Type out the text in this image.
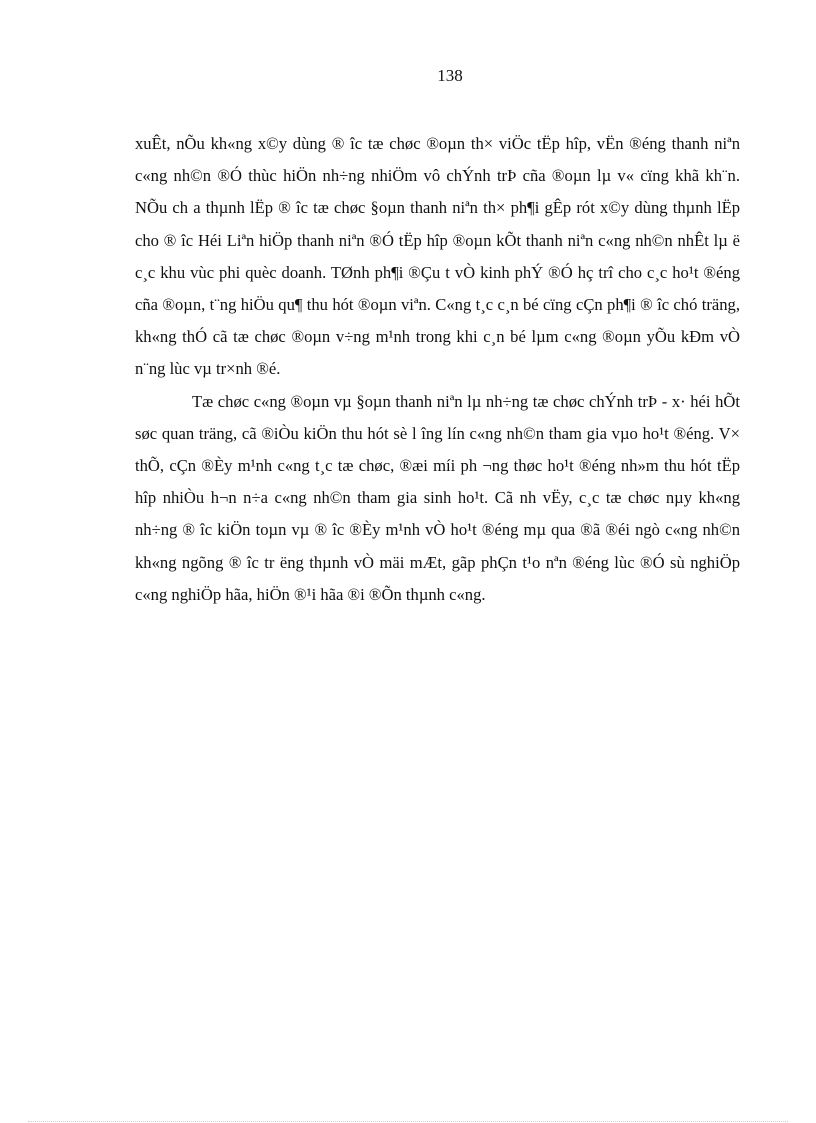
138

xuÊt, nÕu kh«ng x©y dùng ® îc tæ chøc ®oµn th× viÖc tËp hîp, vËn ®éng thanh niªn c«ng nh©n ®Ó thùc hiÖn nh÷ng nhiÖm vô chÝnh trÞ cña ®oµn lµ v« cïng khã kh¨n. NÕu ch a thµnh lËp ® îc tæ chøc §oµn thanh niªn th× ph¶i gÊp rót x©y dùng thµnh lËp cho ® îc Héi Liªn hiÖp thanh niªn ®Ó tËp hîp ®oµn kÕt thanh niªn c«ng nh©n nhÊt lµ ë c¸c khu vùc phi quèc doanh. TØnh ph¶i ®Çu t vÒ kinh phÝ ®Ó hç trî cho c¸c ho¹t ®éng cña ®oµn, t¨ng hiÖu qu¶ thu hót ®oµn viªn. C«ng t¸c c¸n bé cïng cÇn ph¶i ® îc chó träng, kh«ng thÓ cã tæ chøc ®oµn v÷ng m¹nh trong khi c¸n bé lµm c«ng ®oµn yÕu kÐm vÒ n¨ng lùc vµ tr×nh ®é.

Tæ chøc c«ng ®oµn vµ §oµn thanh niªn lµ nh÷ng tæ chøc chÝnh trÞ - x· héi hÕt søc quan träng, cã ®iÒu kiÖn thu hót sè l îng lín c«ng nh©n tham gia vµo ho¹t ®éng. V× thÕ, cÇn ®Èy m¹nh c«ng t¸c tæ chøc, ®æi míi ph ¬ng thøc ho¹t ®éng nh»m thu hót tËp hîp nhiÒu h¬n n÷a c«ng nh©n tham gia sinh ho¹t. Cã nh vËy, c¸c tæ chøc nµy kh«ng nh÷ng ® îc kiÖn toµn vµ ® îc ®Èy m¹nh vÒ ho¹t ®éng mµ qua ®ã ®éi ngò c«ng nh©n kh«ng ngõng ® îc tr ëng thµnh vÒ mäi mÆt, gãp phÇn t¹o nªn ®éng lùc ®Ó sù nghiÖp c«ng nghiÖp hãa, hiÖn ®¹i hãa ®i ®Õn thµnh c«ng.
